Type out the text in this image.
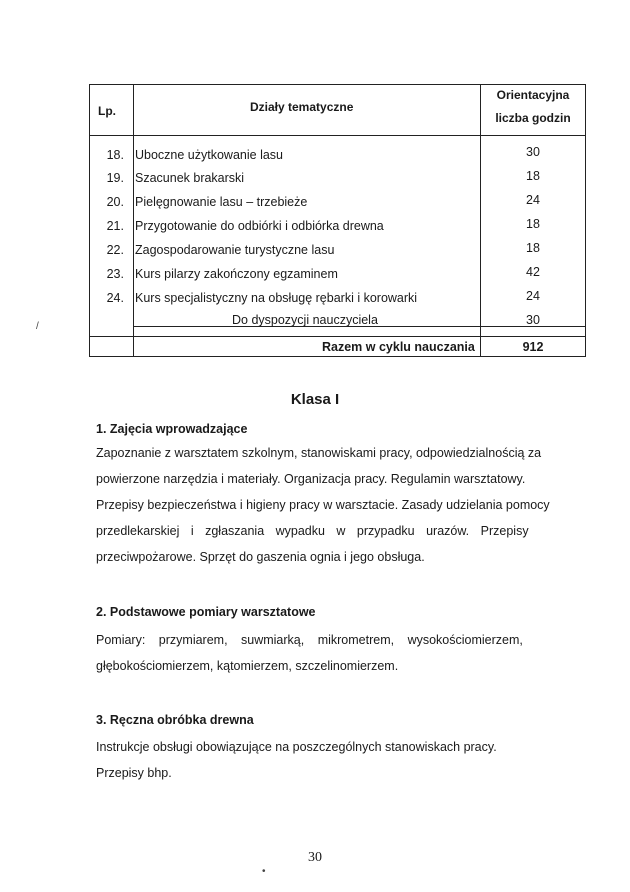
Lp.	Działy tematyczne
Orientacyjna
liczba godzin
18. Uboczne użytkowanie lasu	30
19. Szacunek brakarski	18
20. Pielęgnowanie lasu – trzebieże	24
21. Przygotowanie do odbiórki i odbiórka drewna	18
22. Zagospodarowanie turystyczne lasu	18
23. Kurs pilarzy zakończony egzaminem	42
24. Kurs specjalistyczny na obsługę rębarki i korowarki	24
Do dyspozycji nauczyciela	30
Razem w cyklu nauczania	912
/
Klasa I
1. Zajęcia wprowadzające
Zapoznanie z warsztatem szkolnym, stanowiskami pracy, odpowiedzialnością za
powierzone narzędzia i materiały. Organizacja pracy. Regulamin warsztatowy.
Przepisy bezpieczeństwa i higieny pracy w warsztacie. Zasady udzielania pomocy
przedlekarskiej i zgłaszania wypadku w przypadku urazów. Przepisy
przeciwpożarowe. Sprzęt do gaszenia ognia i jego obsługa.
2. Podstawowe pomiary warsztatowe
Pomiary: przymiarem, suwmiarką, mikrometrem, wysokościomierzem,
głębokościomierzem, kątomierzem, szczelinomierzem.
3. Ręczna obróbka drewna
Instrukcje obsługi obowiązujące na poszczególnych stanowiskach pracy.
Przepisy bhp.
30
•
